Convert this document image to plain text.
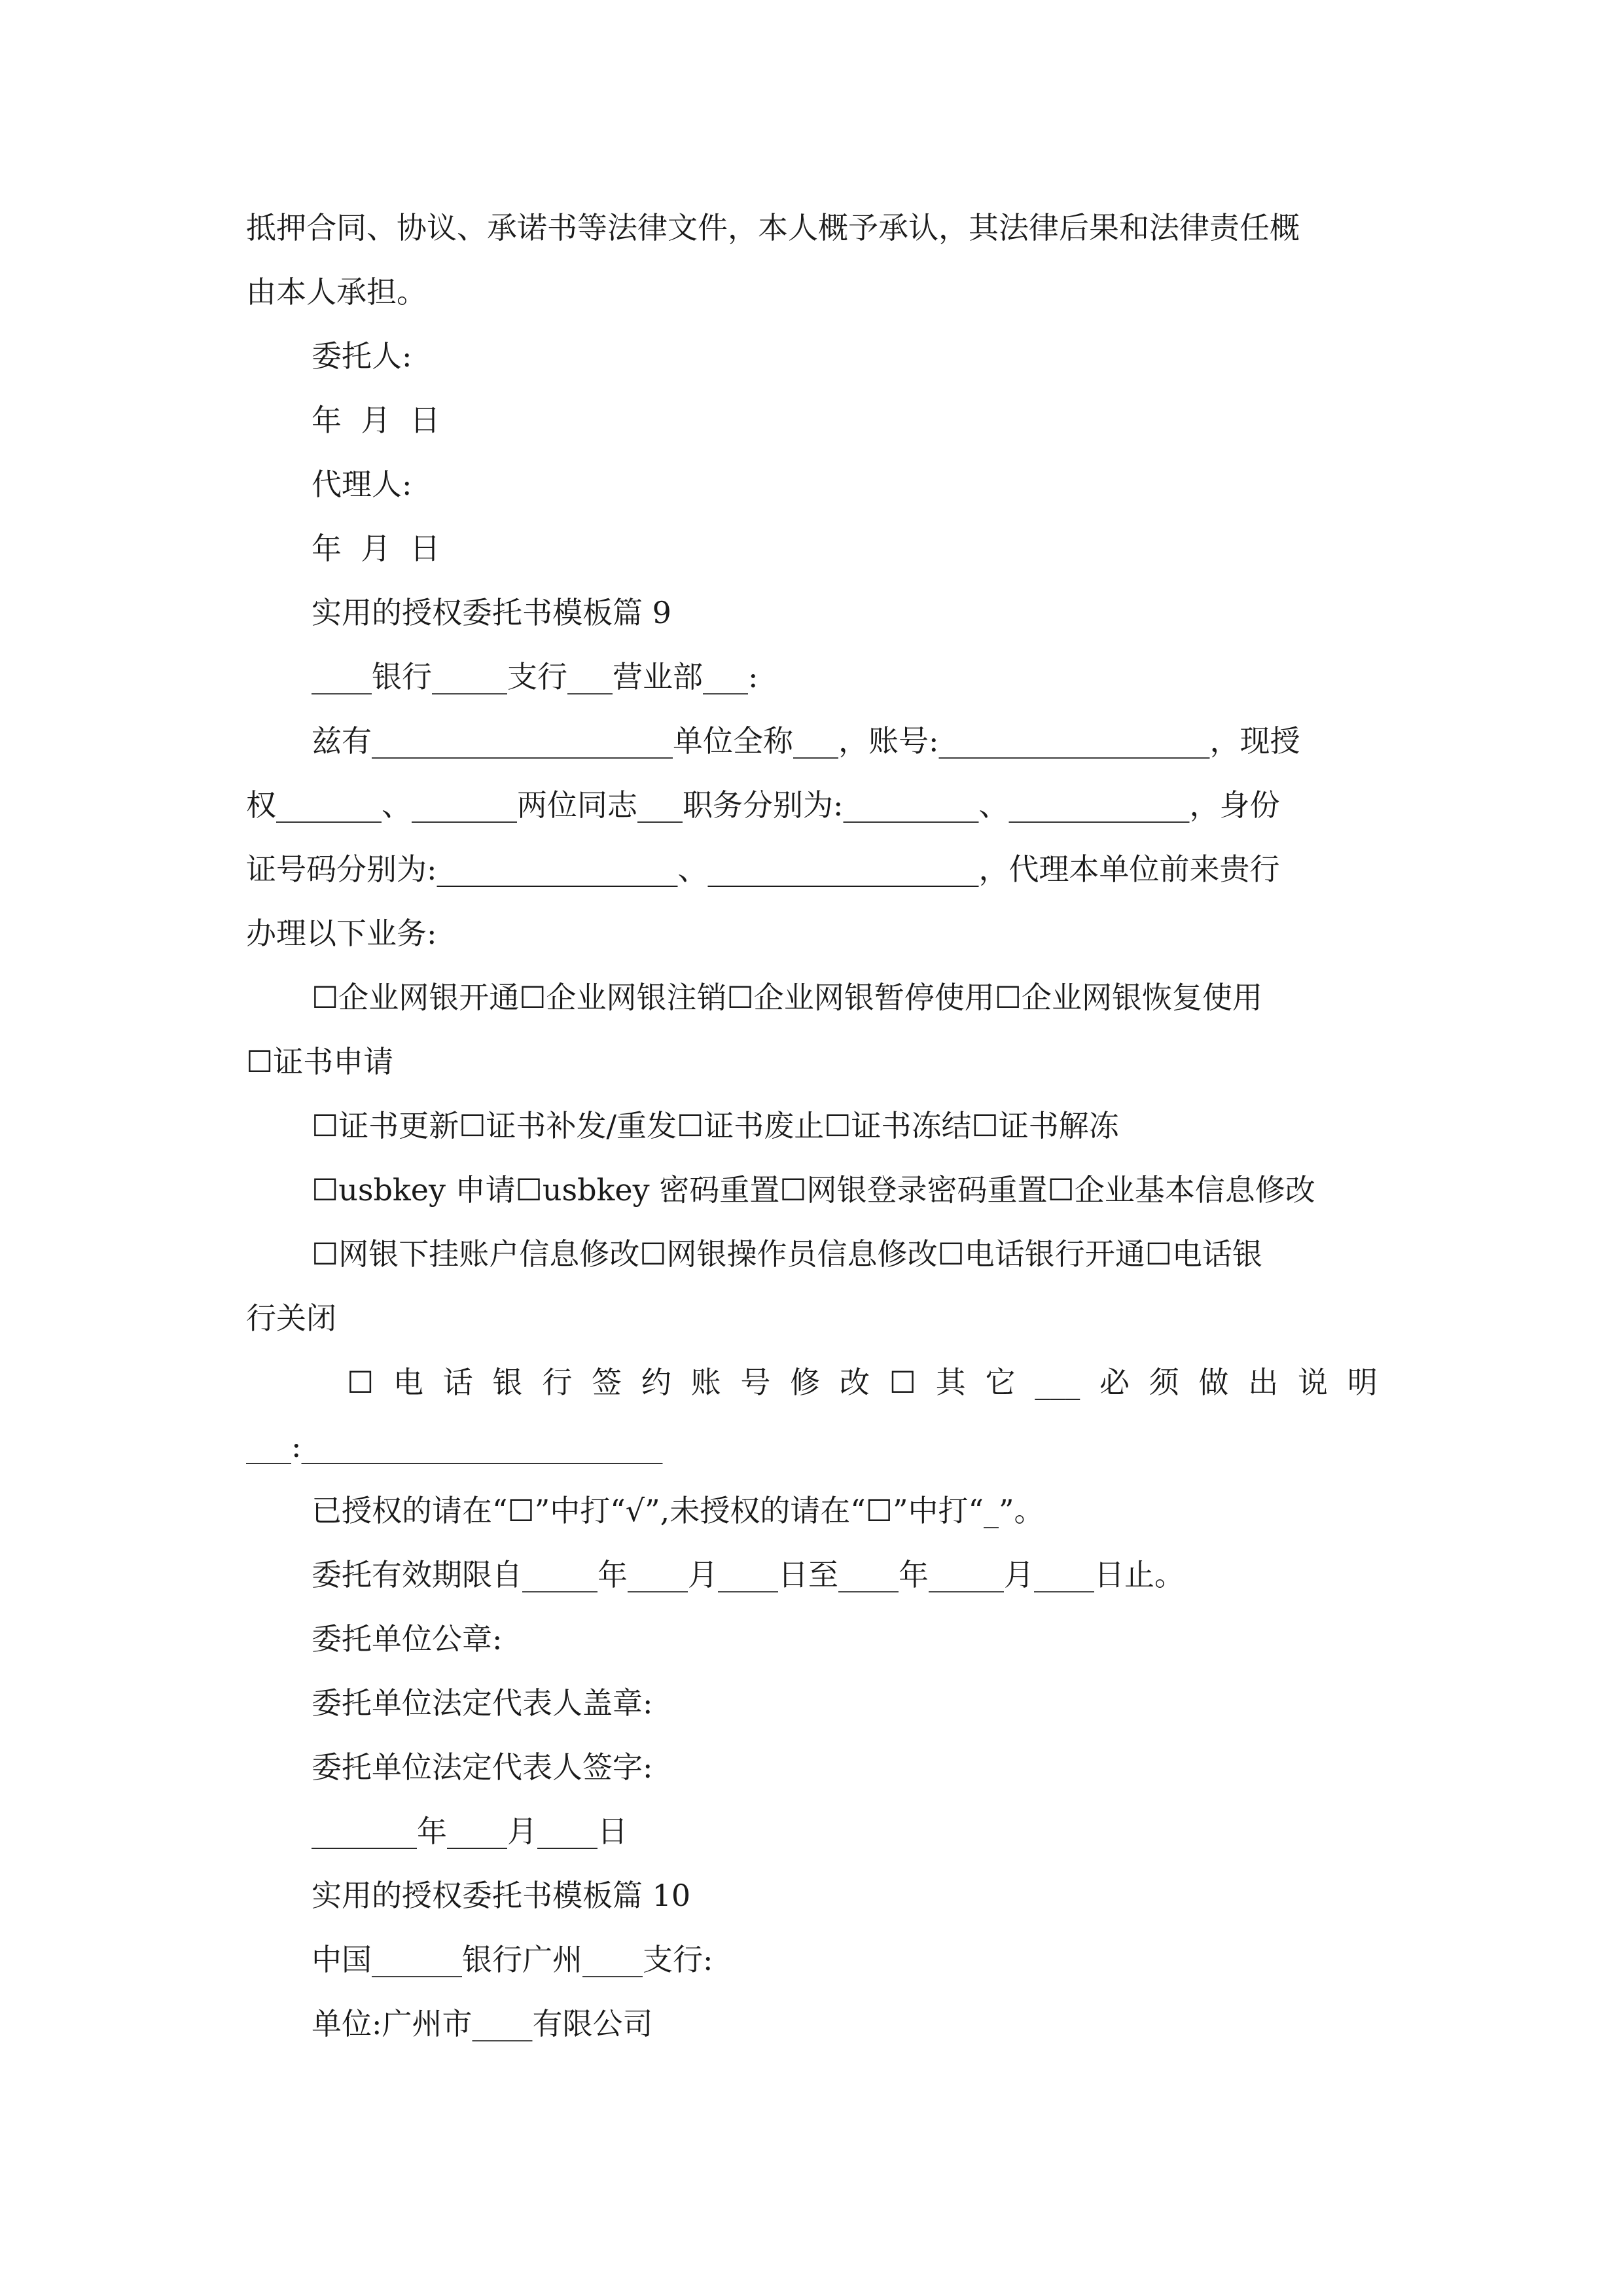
抵押合同、协议、承诺书等法律文件，本人概予承认，其法律后果和法律责任概
由本人承担。
委托人:
年  月  日
代理人:
年  月  日
实用的授权委托书模板篇 9
____银行_____支行___营业部___:
兹有____________________单位全称___，账号:__________________，现授
权_______、_______两位同志___职务分别为:_________、____________，身份
证号码分别为:________________、__________________，代理本单位前来贵行
办理以下业务:
☐企业网银开通☐企业网银注销☐企业网银暂停使用☐企业网银恢复使用
☐证书申请
☐证书更新☐证书补发/重发☐证书废止☐证书冻结☐证书解冻
☐usbkey 申请☐usbkey 密码重置☐网银登录密码重置☐企业基本信息修改
☐网银下挂账户信息修改☐网银操作员信息修改☐电话银行开通☐电话银
行关闭
☐ 电 话 银 行 签 约 账 号 修 改 ☐ 其 它 ___ 必 须 做 出 说 明
___:________________________
已授权的请在“☐”中打“√”,未授权的请在“☐”中打“_”。
委托有效期限自_____年____月____日至____年_____月____日止。
委托单位公章:
委托单位法定代表人盖章:
委托单位法定代表人签字:
_______年____月____日
实用的授权委托书模板篇 10
中国______银行广州____支行:
单位:广州市____有限公司
